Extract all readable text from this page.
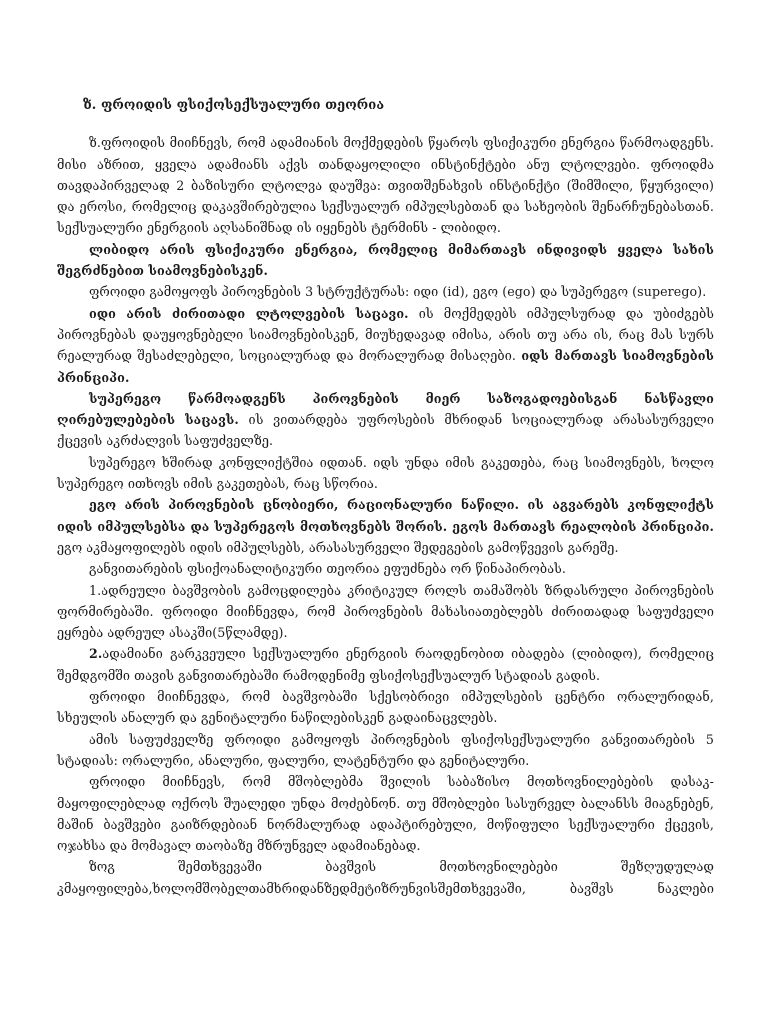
ზ. ფროიდის ფსიქოსექსუალური თეორია

ზ.ფროიდის მიიჩნევს, რომ ადამიანის მოქმედების წყაროს ფსიქიკური ენერგია წარმოადგენს. მისი აზრით, ყველა ადამიანს აქვს თანდაყოლილი ინსტინქტები ანუ ლტოლვები. ფროიდმა თავდაპირველად 2 ბაზისური ლტოლვა დაუშვა: თვითშენახვის ინსტინქტი (შიმშილი, წყურვილი) და ეროსი, რომელიც დაკავშირებულია სექსუალურ იმპულსებთან და სახეობის შენარჩუნებასთან. სექსუალური ენერგიის აღსანიშნად ის იყენებს ტერმინს - ლიბიდო.

ლიბიდო არის ფსიქიკური ენერგია, რომელიც მიმართავს ინდივიდს ყველა სახის შეგრძნებით სიამოვნებისკენ.

ფროიდი გამოყოფს პიროვნების 3 სტრუქტურას: იდი (id), ეგო (ego) და სუპერეგო (superego).

იდი არის ძირითადი ლტოლვების საცავი. ის მოქმედებს იმპულსურად და უბიძგებს პიროვნებას დაუყოვნებელი სიამოვნებისკენ, მიუხედავად იმისა, არის თუ არა ის, რაც მას სურს რეალურად შესაძლებელი, სოციალურად და მორალურად მისაღები. იდს მართავს სიამოვნების პრინციპი.

სუპერეგო წარმოადგენს პიროვნების მიერ საზოგადოებისგან ნასწავლი ღირებულებების საცავს. ის ვითარდება უფროსების მხრიდან სოციალურად არასასურველი ქცევის აკრძალვის საფუძველზე.

სუპერეგო ხშირად კონფლიქტშია იდთან. იდს უნდა იმის გაკეთება, რაც სიამოვნებს, ხოლო სუპერეგო ითხოვს იმის გაკეთებას, რაც სწორია.

ეგო არის პიროვნების ცნობიერი, რაციონალური ნაწილი. ის აგვარებს კონფლიქტს იდის იმპულსებსა და სუპერეგოს მოთხოვნებს შორის. ეგოს მართავს რეალობის პრინციპი. ეგო აკმაყოფილებს იდის იმპულსებს, არასასურველი შედეგების გამოწვევის გარეშე.

განვითარების ფსიქოანალიტიკური თეორია ეფუძნება ორ წინაპირობას.

1.ადრეული ბავშვობის გამოცდილება კრიტიკულ როლს თამაშობს ზრდასრული პიროვნების ფორმირებაში. ფროიდი მიიჩნევდა, რომ პიროვნების მახასიათებლებს ძირითადად საფუძველი ეყრება ადრეულ ასაკში(5წლამდე).

2.ადამიანი გარკვეული სექსუალური ენერგიის რაოდენობით იბადება (ლიბიდო), რომელიც შემდგომში თავის განვითარებაში რამოდენიმე ფსიქოსექსუალურ სტადიას გადის.

ფროიდი მიიჩნევდა, რომ ბავშვობაში სქესობრივი იმპულსების ცენტრი ორალურიდან, სხეულის ანალურ და გენიტალური ნაწილებისკენ გადაინაცვლებს.

ამის საფუძველზე ფროიდი გამოყოფს პიროვნების ფსიქოსექსუალური განვითარების 5 სტადიას: ორალური, ანალური, ფალური, ლატენტური და გენიტალური.

ფროიდი მიიჩნევს, რომ მშობლებმა შვილის საბაზისო მოთხოვნილებების დასაკ-მაყოფილებლად ოქროს შუალედი უნდა მოძებნონ. თუ მშობლები სასურველ ბალანსს მიაგნებენ, მაშინ ბავშვები გაიზრდებიან ნორმალურად ადაპტირებული, მოწიფული სექსუალური ქცევის, ოჯახსა და მომავალ თაობაზე მზრუნველ ადამიანებად.

ზოგ შემთხვევაში ბავშვის მოთხოვნილებები შეზღუდულად კმაყოფილება,ხოლომშობელთამხრიდანზედმეტიზრუნვისშემთხვევაში, ბავშვს ნაკლები
